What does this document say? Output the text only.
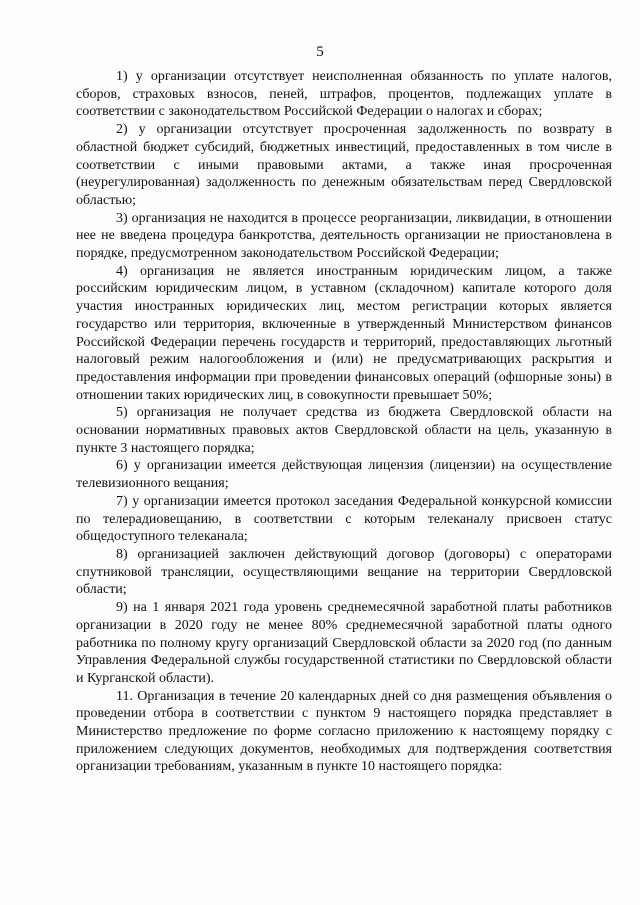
5

1) у организации отсутствует неисполненная обязанность по уплате налогов, сборов, страховых взносов, пеней, штрафов, процентов, подлежащих уплате в соответствии с законодательством Российской Федерации о налогах и сборах;

2) у организации отсутствует просроченная задолженность по возврату в областной бюджет субсидий, бюджетных инвестиций, предоставленных в том числе в соответствии с иными правовыми актами, а также иная просроченная (неурегулированная) задолженность по денежным обязательствам перед Свердловской областью;

3) организация не находится в процессе реорганизации, ликвидации, в отношении нее не введена процедура банкротства, деятельность организации не приостановлена в порядке, предусмотренном законодательством Российской Федерации;

4) организация не является иностранным юридическим лицом, а также российским юридическим лицом, в уставном (складочном) капитале которого доля участия иностранных юридических лиц, местом регистрации которых является государство или территория, включенные в утвержденный Министерством финансов Российской Федерации перечень государств и территорий, предоставляющих льготный налоговый режим налогообложения и (или) не предусматривающих раскрытия и предоставления информации при проведении финансовых операций (офшорные зоны) в отношении таких юридических лиц, в совокупности превышает 50%;

5) организация не получает средства из бюджета Свердловской области на основании нормативных правовых актов Свердловской области на цель, указанную в пункте 3 настоящего порядка;

6) у организации имеется действующая лицензия (лицензии) на осуществление телевизионного вещания;

7) у организации имеется протокол заседания Федеральной конкурсной комиссии по телерадиовещанию, в соответствии с которым телеканалу присвоен статус общедоступного телеканала;

8) организацией заключен действующий договор (договоры) с операторами спутниковой трансляции, осуществляющими вещание на территории Свердловской области;

9) на 1 января 2021 года уровень среднемесячной заработной платы работников организации в 2020 году не менее 80% среднемесячной заработной платы одного работника по полному кругу организаций Свердловской области за 2020 год (по данным Управления Федеральной службы государственной статистики по Свердловской области и Курганской области).

11. Организация в течение 20 календарных дней со дня размещения объявления о проведении отбора в соответствии с пунктом 9 настоящего порядка представляет в Министерство предложение по форме согласно приложению к настоящему порядку с приложением следующих документов, необходимых для подтверждения соответствия организации требованиям, указанным в пункте 10 настоящего порядка:
